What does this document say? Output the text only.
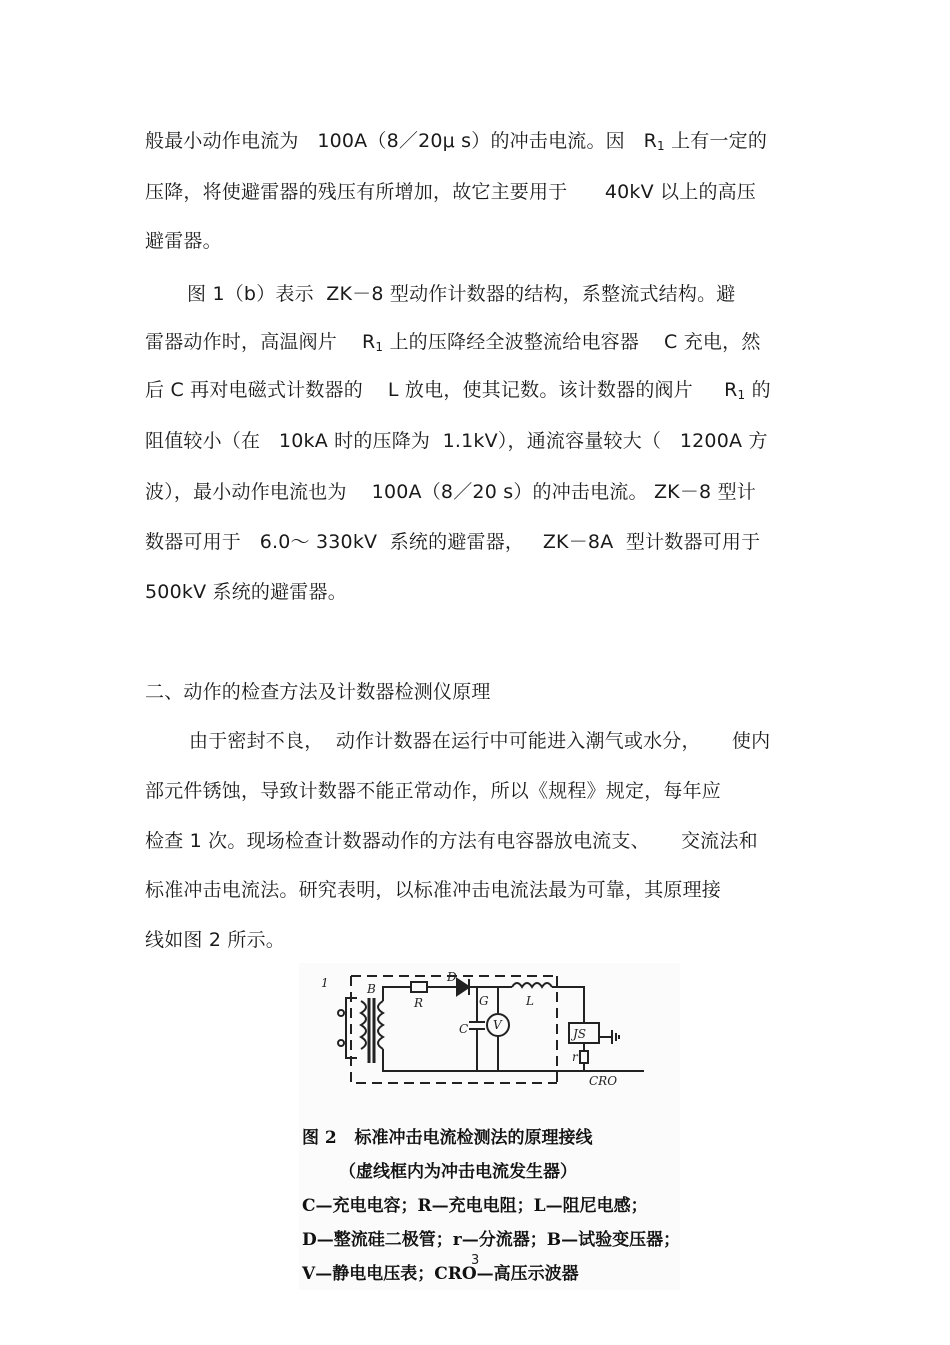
般最小动作电流为   100A（8／20μ s）的冲击电流。因   $R_1$ 上有一定的
压降，将使避雷器的残压有所增加，故它主要用于      40kV 以上的高压
避雷器。
图 1（b）表示  ZK－8 型动作计数器的结构，系整流式结构。避
雷器动作时，高温阀片    $R_1$ 上的压降经全波整流给电容器    C 充电，然
后 C 再对电磁式计数器的    L 放电，使其记数。该计数器的阀片     $R_1$ 的
阻值较小（在   10kA 时的压降为  1.1kV），通流容量较大（   1200A 方
波），最小动作电流也为    100A（8／20 s）的冲击电流。 ZK－8 型计
数器可用于   6.0～ 330kV  系统的避雷器，   ZK－8A  型计数器可用于
500kV 系统的避雷器。
二、动作的检查方法及计数器检测仪原理
由于密封不良，  动作计数器在运行中可能进入潮气或水分，     使内
部元件锈蚀，导致计数器不能正常动作，所以《规程》规定，每年应
检查 1 次。现场检查计数器动作的方法有电容器放电流支、     交流法和
标准冲击电流法。研究表明，以标准冲击电流法最为可靠，其原理接
线如图 2 所示。
1	B
R
D
G	L
C V
JS
r
CRO
图 2   标准冲击电流检测法的原理接线
（虚线框内为冲击电流发生器）
C—充电电容；R—充电电阻；L—阻尼电感；
D—整流硅二极管；r—分流器；B—试验变压器；
V—静电电压表；CRO—高压示波器
3
